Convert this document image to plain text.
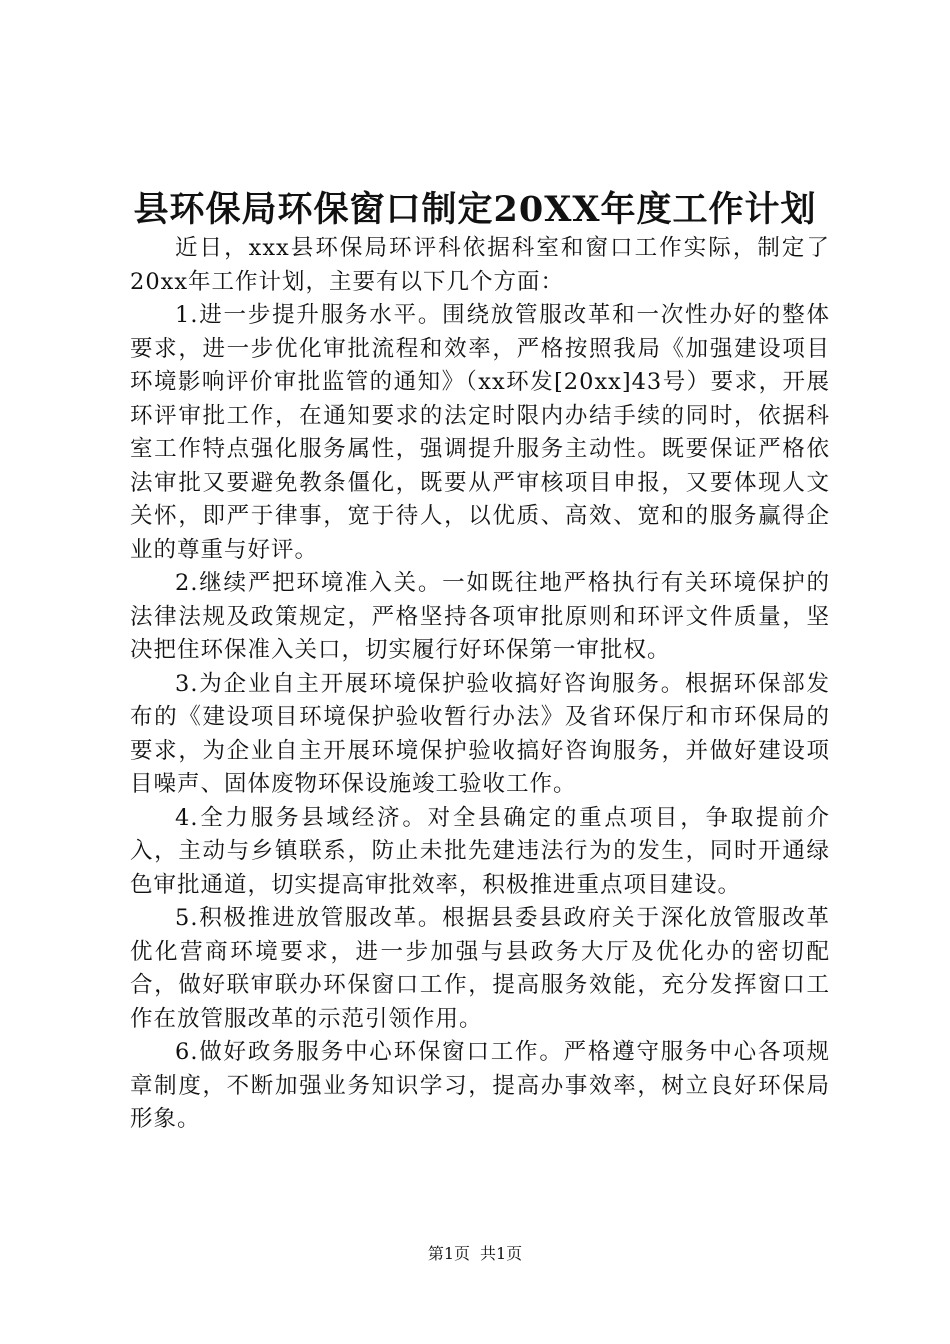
县环保局环保窗口制定20XX年度工作计划

近日，xxx县环保局环评科依据科室和窗口工作实际，制定了20xx年工作计划，主要有以下几个方面：

1.进一步提升服务水平。围绕放管服改革和一次性办好的整体要求，进一步优化审批流程和效率，严格按照我局《加强建设项目环境影响评价审批监管的通知》（xx环发[20xx]43号）要求，开展环评审批工作，在通知要求的法定时限内办结手续的同时，依据科室工作特点强化服务属性，强调提升服务主动性。既要保证严格依法审批又要避免教条僵化，既要从严审核项目申报，又要体现人文关怀，即严于律事，宽于待人，以优质、高效、宽和的服务赢得企业的尊重与好评。

2.继续严把环境准入关。一如既往地严格执行有关环境保护的法律法规及政策规定，严格坚持各项审批原则和环评文件质量，坚决把住环保准入关口，切实履行好环保第一审批权。

3.为企业自主开展环境保护验收搞好咨询服务。根据环保部发布的《建设项目环境保护验收暂行办法》及省环保厅和市环保局的要求，为企业自主开展环境保护验收搞好咨询服务，并做好建设项目噪声、固体废物环保设施竣工验收工作。

4.全力服务县域经济。对全县确定的重点项目，争取提前介入，主动与乡镇联系，防止未批先建违法行为的发生，同时开通绿色审批通道，切实提高审批效率，积极推进重点项目建设。

5.积极推进放管服改革。根据县委县政府关于深化放管服改革优化营商环境要求，进一步加强与县政务大厅及优化办的密切配合，做好联审联办环保窗口工作，提高服务效能，充分发挥窗口工作在放管服改革的示范引领作用。

6.做好政务服务中心环保窗口工作。严格遵守服务中心各项规章制度，不断加强业务知识学习，提高办事效率，树立良好环保局形象。

第1页 共1页
